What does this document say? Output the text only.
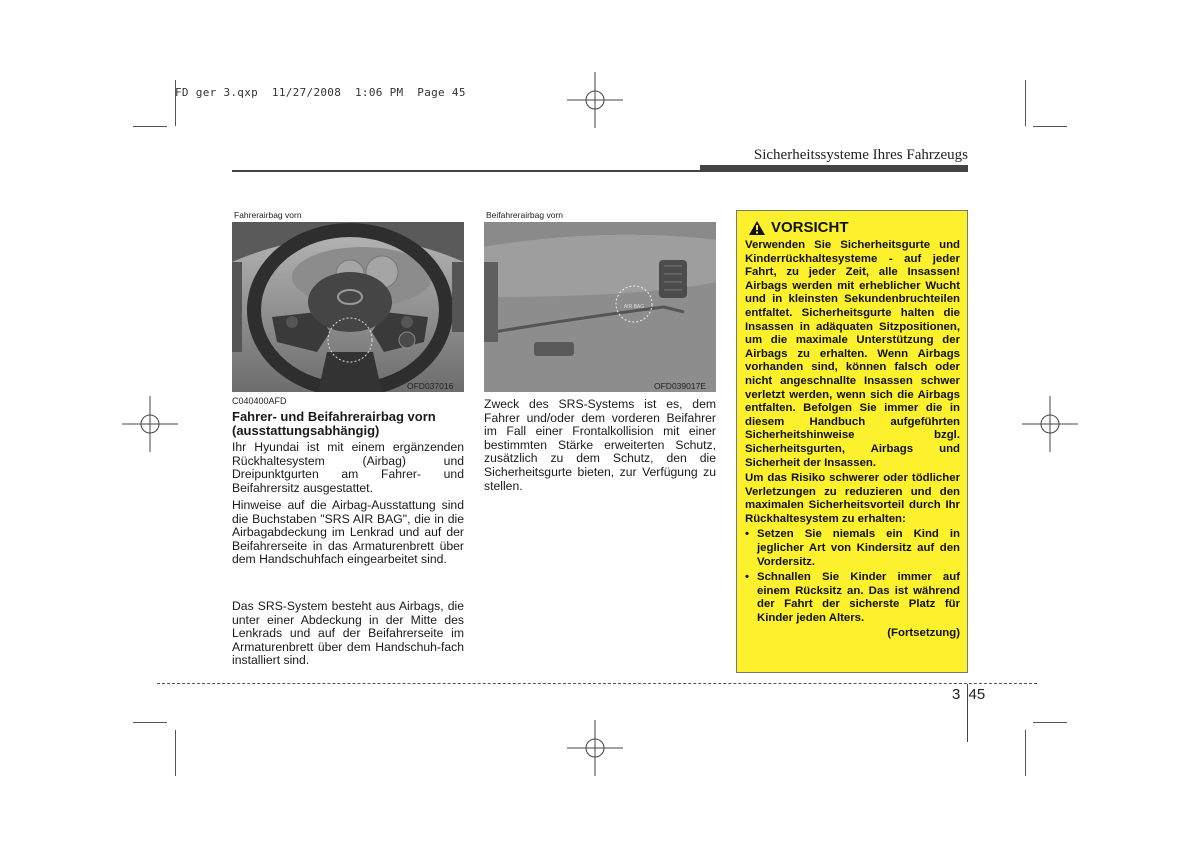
FD ger 3.qxp  11/27/2008  1:06 PM  Page 45
Sicherheitssysteme Ihres Fahrzeugs
Fahrerairbag vorn
OFD037016
Beifahrerairbag vorn
AIR BAG
OFD039017E
C040400AFD
Fahrer- und Beifahrerairbag vorn (ausstattungsabhängig)
Ihr Hyundai ist mit einem ergänzenden Rückhaltesystem (Airbag) und Dreipunktgurten am Fahrer- und Beifahrersitz ausgestattet.
Hinweise auf die Airbag-Ausstattung sind die Buchstaben "SRS AIR BAG", die in die Airbagabdeckung im Lenkrad und auf der Beifahrerseite in das Armaturenbrett über dem Handschuhfach eingearbeitet sind.
Das SRS-System besteht aus Airbags, die unter einer Abdeckung in der Mitte des Lenkrads und auf der Beifahrerseite im Armaturenbrett über dem Handschuh-fach installiert sind.
Zweck des SRS-Systems ist es, dem Fahrer und/oder dem vorderen Beifahrer im Fall einer Frontalkollision mit einer bestimmten Stärke erweiterten Schutz, zusätzlich zu dem Schutz, den die Sicherheitsgurte bieten, zur Verfügung zu stellen.
VORSICHT

Verwenden Sie Sicherheitsgurte und Kinderrückhaltesysteme - auf jeder Fahrt, zu jeder Zeit, alle Insassen! Airbags werden mit erheblicher Wucht und in kleinsten Sekundenbruchteilen entfaltet. Sicherheitsgurte halten die Insassen in adäquaten Sitzpositionen, um die maximale Unterstützung der Airbags zu erhalten. Wenn Airbags vorhanden sind, können falsch oder nicht angeschnallte Insassen schwer verletzt werden, wenn sich die Airbags entfalten. Befolgen Sie immer die in diesem Handbuch aufgeführten Sicherheitshinweise bzgl. Sicherheitsgurten, Airbags und Sicherheit der Insassen.

Um das Risiko schwerer oder tödlicher Verletzungen zu reduzieren und den maximalen Sicherheitsvorteil durch Ihr Rückhaltesystem zu erhalten:

• Setzen Sie niemals ein Kind in jeglicher Art von Kindersitz auf den Vordersitz.
• Schnallen Sie Kinder immer auf einem Rücksitz an. Das ist während der Fahrt der sicherste Platz für Kinder jeden Alters.

(Fortsetzung)

3 45
